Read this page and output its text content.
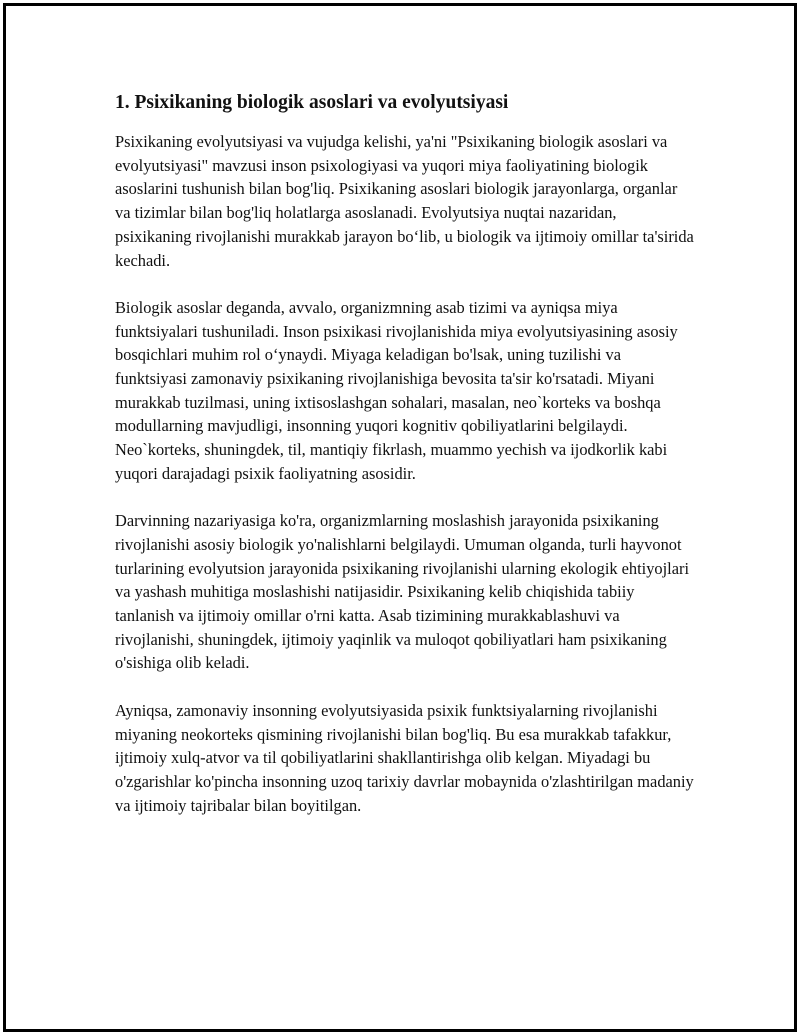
1. Psixikaning biologik asoslari va evolyutsiyasi

Psixikaning evolyutsiyasi va vujudga kelishi, ya'ni "Psixikaning biologik asoslari va evolyutsiyasi" mavzusi inson psixologiyasi va yuqori miya faoliyatining biologik asoslarini tushunish bilan bog'liq. Psixikaning asoslari biologik jarayonlarga, organlar va tizimlar bilan bog'liq holatlarga asoslanadi. Evolyutsiya nuqtai nazaridan, psixikaning rivojlanishi murakkab jarayon bo‘lib, u biologik va ijtimoiy omillar ta'sirida kechadi.

Biologik asoslar deganda, avvalo, organizmning asab tizimi va ayniqsa miya funktsiyalari tushuniladi. Inson psixikasi rivojlanishida miya evolyutsiyasining asosiy bosqichlari muhim rol o‘ynaydi. Miyaga keladigan bo'lsak, uning tuzilishi va funktsiyasi zamonaviy psixikaning rivojlanishiga bevosita ta'sir ko'rsatadi. Miyani murakkab tuzilmasi, uning ixtisoslashgan sohalari, masalan, neo`korteks va boshqa modullarning mavjudligi, insonning yuqori kognitiv qobiliyatlarini belgilaydi. Neo`korteks, shuningdek, til, mantiqiy fikrlash, muammo yechish va ijodkorlik kabi yuqori darajadagi psixik faoliyatning asosidir.

Darvinning nazariyasiga ko'ra, organizmlarning moslashish jarayonida psixikaning rivojlanishi asosiy biologik yo'nalishlarni belgilaydi. Umuman olganda, turli hayvonot turlarining evolyutsion jarayonida psixikaning rivojlanishi ularning ekologik ehtiyojlari va yashash muhitiga moslashishi natijasidir. Psixikaning kelib chiqishida tabiiy tanlanish va ijtimoiy omillar o'rni katta. Asab tizimining murakkablashuvi va rivojlanishi, shuningdek, ijtimoiy yaqinlik va muloqot qobiliyatlari ham psixikaning o'sishiga olib keladi.

Ayniqsa, zamonaviy insonning evolyutsiyasida psixik funktsiyalarning rivojlanishi miyaning neokorteks qismining rivojlanishi bilan bog'liq. Bu esa murakkab tafakkur, ijtimoiy xulq-atvor va til qobiliyatlarini shakllantirishga olib kelgan. Miyadagi bu o'zgarishlar ko'pincha insonning uzoq tarixiy davrlar mobaynida o'zlashtirilgan madaniy va ijtimoiy tajribalar bilan boyitilgan.
